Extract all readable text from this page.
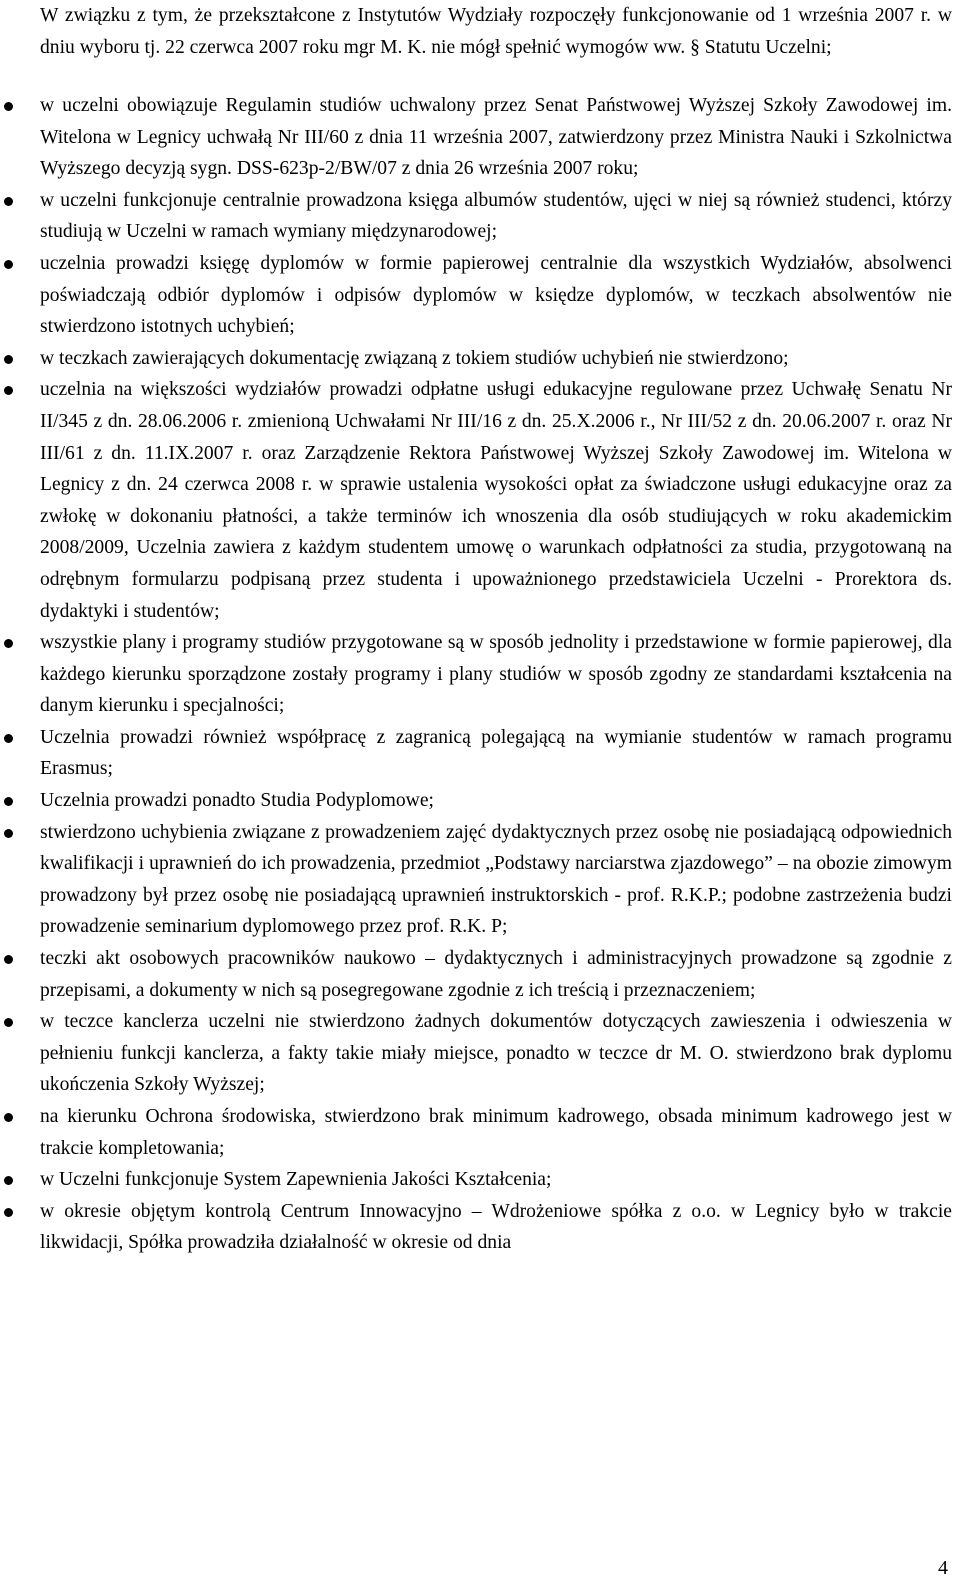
W związku z tym, że przekształcone z Instytutów Wydziały rozpoczęły funkcjonowanie od 1 września 2007 r. w dniu wyboru tj. 22 czerwca 2007 roku mgr M. K. nie mógł spełnić wymogów ww. § Statutu Uczelni;

w uczelni obowiązuje Regulamin studiów uchwalony przez Senat Państwowej Wyższej Szkoły Zawodowej im. Witelona w Legnicy uchwałą Nr III/60 z dnia 11 września 2007, zatwierdzony przez Ministra Nauki i Szkolnictwa Wyższego decyzją sygn. DSS-623p-2/BW/07 z dnia 26 września 2007 roku;
w uczelni funkcjonuje centralnie prowadzona księga albumów studentów, ujęci w niej są również studenci, którzy studiują w Uczelni w ramach wymiany międzynarodowej;
uczelnia prowadzi księgę dyplomów w formie papierowej centralnie dla wszystkich Wydziałów, absolwenci poświadczają odbiór dyplomów i odpisów dyplomów w księdze dyplomów, w teczkach absolwentów nie stwierdzono istotnych uchybień;
w teczkach zawierających dokumentację związaną z tokiem studiów uchybień nie stwierdzono;
uczelnia na większości wydziałów prowadzi odpłatne usługi edukacyjne regulowane przez Uchwałę Senatu Nr II/345 z dn. 28.06.2006 r. zmienioną Uchwałami Nr III/16 z dn. 25.X.2006 r., Nr III/52 z dn. 20.06.2007 r. oraz Nr III/61 z dn. 11.IX.2007 r. oraz Zarządzenie Rektora Państwowej Wyższej Szkoły Zawodowej im. Witelona w Legnicy z dn. 24 czerwca 2008 r. w sprawie ustalenia wysokości opłat za świadczone usługi edukacyjne oraz za zwłokę w dokonaniu płatności, a także terminów ich wnoszenia dla osób studiujących w roku akademickim 2008/2009, Uczelnia zawiera z każdym studentem umowę o warunkach odpłatności za studia, przygotowaną na odrębnym formularzu podpisaną przez studenta i upoważnionego przedstawiciela Uczelni - Prorektora ds. dydaktyki i studentów;
wszystkie plany i programy studiów przygotowane są w sposób jednolity i przedstawione w formie papierowej, dla każdego kierunku sporządzone zostały programy i plany studiów w sposób zgodny ze standardami kształcenia na danym kierunku i specjalności;
Uczelnia prowadzi również współpracę z zagranicą polegającą na wymianie studentów w ramach programu Erasmus;
Uczelnia prowadzi ponadto Studia Podyplomowe;
stwierdzono uchybienia związane z prowadzeniem zajęć dydaktycznych przez osobę nie posiadającą odpowiednich kwalifikacji i uprawnień do ich prowadzenia, przedmiot „Podstawy narciarstwa zjazdowego” – na obozie zimowym prowadzony był przez osobę nie posiadającą uprawnień instruktorskich - prof. R.K.P.; podobne zastrzeżenia budzi prowadzenie seminarium dyplomowego przez prof. R.K. P;
teczki akt osobowych pracowników naukowo – dydaktycznych i administracyjnych prowadzone są zgodnie z przepisami, a dokumenty w nich są posegregowane zgodnie z ich treścią i przeznaczeniem;
w teczce kanclerza uczelni nie stwierdzono żadnych dokumentów dotyczących zawieszenia i odwieszenia w pełnieniu funkcji kanclerza, a fakty takie miały miejsce, ponadto w teczce dr M. O. stwierdzono brak dyplomu ukończenia Szkoły Wyższej;
na kierunku Ochrona środowiska, stwierdzono brak minimum kadrowego, obsada minimum kadrowego jest w trakcie kompletowania;
w Uczelni funkcjonuje System Zapewnienia Jakości Kształcenia;
w okresie objętym kontrolą Centrum Innowacyjno – Wdrożeniowe spółka z o.o. w Legnicy było w trakcie likwidacji, Spółka prowadziła działalność w okresie od dnia
4
